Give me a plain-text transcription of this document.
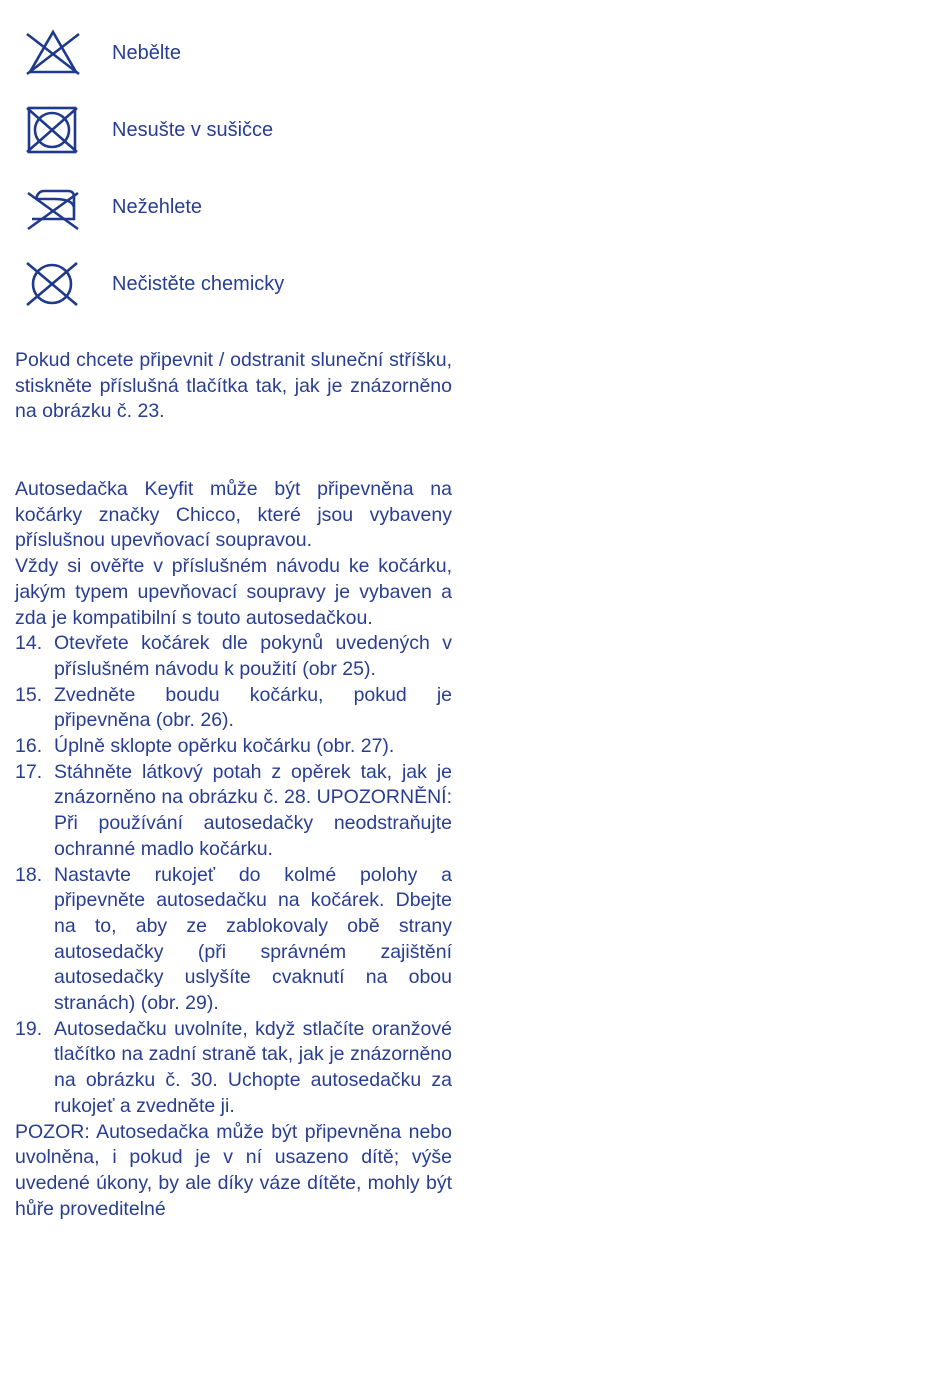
Nebělte
Nesušte v sušičce
Nežehlete
Nečistěte chemicky
Pokud chcete připevnit / odstranit sluneční stříšku, stiskněte příslušná tlačítka tak, jak je znázorněno na obrázku č. 23.

Autosedačka Keyfit může být připevněna na kočárky značky Chicco, které jsou vybaveny příslušnou upevňovací soupravou.

Vždy si ověřte v příslušném návodu ke kočárku, jakým typem upevňovací soupravy je vybaven a zda je kompatibilní s touto autosedačkou.

14. Otevřete kočárek dle pokynů uvedených v příslušném návodu k použití (obr 25).
15. Zvedněte boudu kočárku, pokud je připevněna (obr. 26).
16. Úplně sklopte opěrku kočárku (obr. 27).
17. Stáhněte látkový potah z opěrek tak, jak je znázorněno na obrázku č. 28. UPOZORNĚNÍ: Při používání autosedačky neodstraňujte ochranné madlo kočárku.
18. Nastavte rukojeť do kolmé polohy a připevněte autosedačku na kočárek. Dbejte na to, aby ze zablokovaly obě strany autosedačky (při správném zajištění autosedačky uslyšíte cvaknutí na obou stranách) (obr. 29).
19. Autosedačku uvolníte, když stlačíte oranžové tlačítko na zadní straně tak, jak je znázorněno na obrázku č. 30. Uchopte autosedačku za rukojeť a zvedněte ji.

POZOR: Autosedačka může být připevněna nebo uvolněna, i pokud je v ní usazeno dítě; výše uvedené úkony, by ale díky váze dítěte, mohly být hůře proveditelné
